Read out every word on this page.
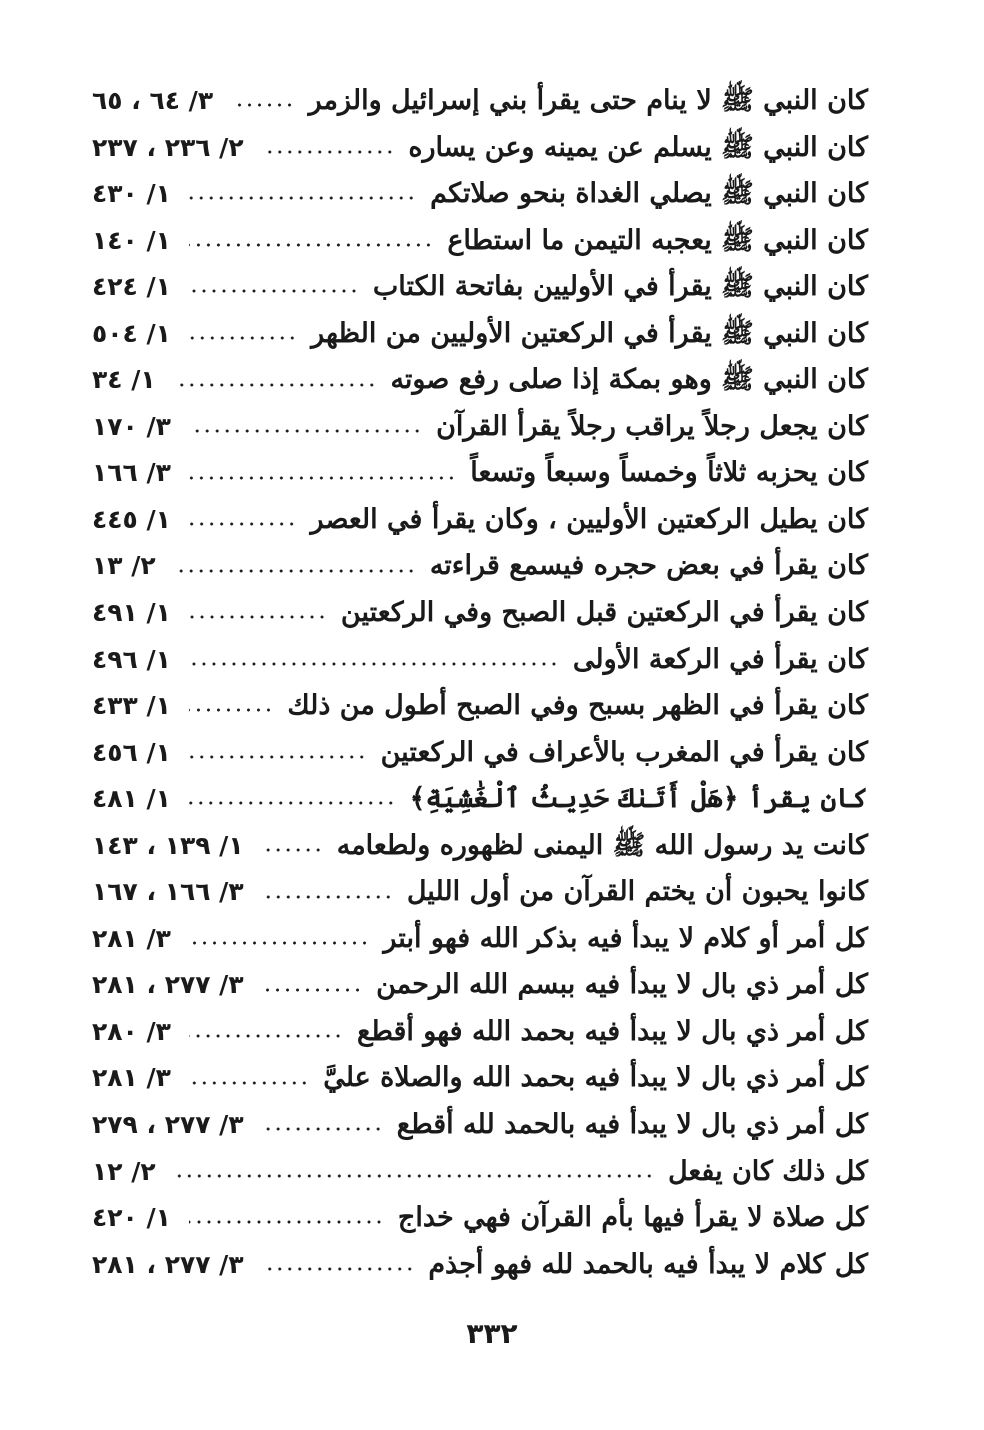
كان النبي ﷺ لا ينام حتى يقرأ بني إسرائيل والزمر
٣/ ٦٤ ، ٦٥
كان النبي ﷺ يسلم عن يمينه وعن يساره
٢/ ٢٣٦ ، ٢٣٧
كان النبي ﷺ يصلي الغداة بنحو صلاتكم
١/ ٤٣٠
كان النبي ﷺ يعجبه التيمن ما استطاع
١/ ١٤٠
كان النبي ﷺ يقرأ في الأوليين بفاتحة الكتاب
١/ ٤٢٤
كان النبي ﷺ يقرأ في الركعتين الأوليين من الظهر
١/ ٥٠٤
كان النبي ﷺ وهو بمكة إذا صلى رفع صوته
١/ ٣٤
كان يجعل رجلاً يراقب رجلاً يقرأ القرآن
٣/ ١٧٠
كان يحزبه ثلاثاً وخمساً وسبعاً وتسعاً
٣/ ١٦٦
كان يطيل الركعتين الأوليين ، وكان يقرأ في العصر
١/ ٤٤٥
كان يقرأ في بعض حجره فيسمع قراءته
٢/ ١٣
كان يقرأ في الركعتين قبل الصبح وفي الركعتين
١/ ٤٩١
كان يقرأ في الركعة الأولى
١/ ٤٩٦
كان يقرأ في الظهر بسبح وفي الصبح أطول من ذلك
١/ ٤٣٣
كان يقرأ في المغرب بالأعراف في الركعتين
١/ ٤٥٦
كان يقرأ ﴿هَلْ أَتَىٰكَ حَدِيثُ ٱلْغَٰشِيَةِ﴾
١/ ٤٨١
كانت يد رسول الله ﷺ اليمنى لظهوره ولطعامه
١/ ١٣٩ ، ١٤٣
كانوا يحبون أن يختم القرآن من أول الليل
٣/ ١٦٦ ، ١٦٧
كل أمر أو كلام لا يبدأ فيه بذكر الله فهو أبتر
٣/ ٢٨١
كل أمر ذي بال لا يبدأ فيه ببسم الله الرحمن
٣/ ٢٧٧ ، ٢٨١
كل أمر ذي بال لا يبدأ فيه بحمد الله فهو أقطع
٣/ ٢٨٠
كل أمر ذي بال لا يبدأ فيه بحمد الله والصلاة عليَّ
٣/ ٢٨١
كل أمر ذي بال لا يبدأ فيه بالحمد لله أقطع
٣/ ٢٧٧ ، ٢٧٩
كل ذلك كان يفعل
٢/ ١٢
كل صلاة لا يقرأ فيها بأم القرآن فهي خداج
١/ ٤٢٠
كل كلام لا يبدأ فيه بالحمد لله فهو أجذم
٣/ ٢٧٧ ، ٢٨١
٣٣٢
